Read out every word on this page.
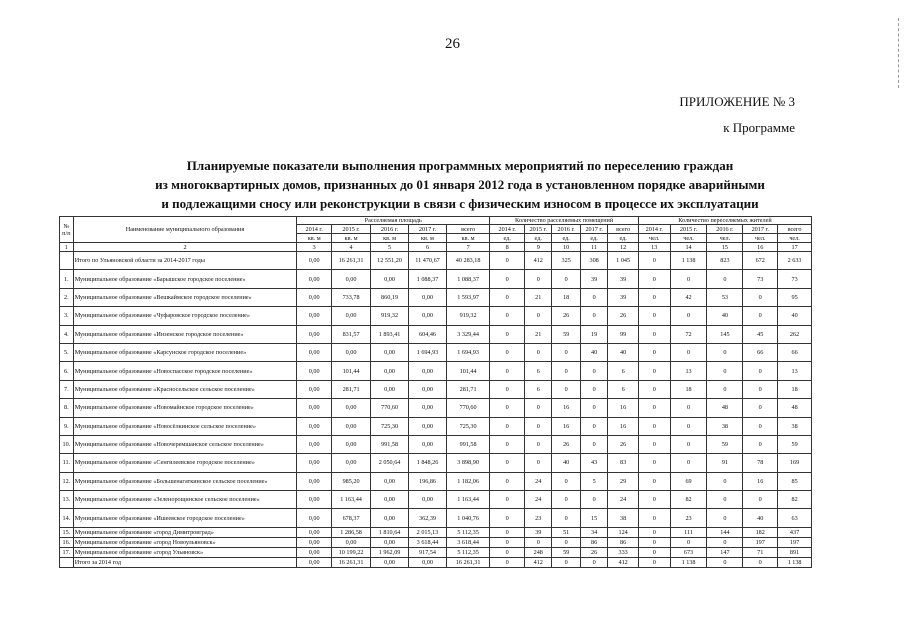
26
ПРИЛОЖЕНИЕ № 3
к Программе
Планируемые показатели выполнения программных мероприятий по переселению граждан
из многоквартирных домов, признанных до 01 января 2012 года в установленном порядке аварийными
и подлежащими сносу или реконструкции в связи с физическим износом в процессе их эксплуатации
№ п/п	Наименование муниципального образования	Расселяемая площадь					Количество расселяемых помещений					Количество переселяемых жителей				
		2014 г.	2015 г.	2016 г.	2017 г.	всего	2014 г.	2015 г.	2016 г.	2017 г.	всего	2014 г.	2015 г.	2016 г.	2017 г.	всего
		кв. м	кв. м	кв. м	кв. м	кв. м	ед.	ед.	ед.	ед.	ед.	чел.	чел.	чел.	чел.	чел.
1	2	3	4	5	6	7	8	9	10	11	12	13	14	15	16	17
	Итого по Ульяновской области за 2014-2017 годы	0,00	16 261,31	12 551,20	11 470,67	40 283,18	0	412	325	308	1 045	0	1 138	823	672	2 633
1.	Муниципальное образование «Барышское городское поселение»	0,00	0,00	0,00	1 088,37	1 088,37	0	0	0	39	39	0	0	0	73	73
2.	Муниципальное образование «Вешкаймское городское поселение»	0,00	733,78	860,19	0,00	1 593,97	0	21	18	0	39	0	42	53	0	95
3.	Муниципальное образование «Чуфаровское городское поселение»	0,00	0,00	919,32	0,00	919,32	0	0	26	0	26	0	0	40	0	40
4.	Муниципальное образование «Инзенское городское поселение»	0,00	831,57	1 893,41	604,46	3 329,44	0	21	59	19	99	0	72	145	45	262
5.	Муниципальное образование «Карсунское городское поселение»	0,00	0,00	0,00	1 694,93	1 694,93	0	0	0	40	40	0	0	0	66	66
6.	Муниципальное образование «Новоспасское городское поселение»	0,00	101,44	0,00	0,00	101,44	0	6	0	0	6	0	13	0	0	13
7.	Муниципальное образование «Красносельское сельское поселение»	0,00	281,71	0,00	0,00	281,71	0	6	0	0	6	0	18	0	0	18
8.	Муниципальное образование «Новомайнское городское поселение»	0,00	0,00	770,60	0,00	770,60	0	0	16	0	16	0	0	48	0	48
9.	Муниципальное образование «Новосёлкинское сельское поселение»	0,00	0,00	725,30	0,00	725,30	0	0	16	0	16	0	0	38	0	38
10.	Муниципальное образование «Новочеремшанское сельское поселение»	0,00	0,00	991,58	0,00	991,58	0	0	26	0	26	0	0	59	0	59
11.	Муниципальное образование «Сенгилеевское городское поселение»	0,00	0,00	2 050,64	1 848,26	3 898,90	0	0	40	43	83	0	0	91	78	169
12.	Муниципальное образование «Большенагаткинское сельское поселение»	0,00	985,20	0,00	196,86	1 182,06	0	24	0	5	29	0	69	0	16	85
13.	Муниципальное образование «Зеленорощинское сельское поселение»	0,00	1 163,44	0,00	0,00	1 163,44	0	24	0	0	24	0	82	0	0	82
14.	Муниципальное образование «Ишеевское городское поселение»	0,00	678,37	0,00	362,39	1 040,76	0	23	0	15	38	0	23	0	40	63
15.	Муниципальное образование «город Димитровград»	0,00	1 286,58	1 810,64	2 015,13	5 112,35	0	39	51	34	124	0	111	144	182	437
16.	Муниципальное образование «город Новоульяновск»	0,00	0,00	0,00	3 618,44	3 618,44	0	0	0	86	86	0	0	0	197	197
17.	Муниципальное образование «город Ульяновск»	0,00	10 199,22	1 962,09	917,54	5 112,35	0	248	59	26	333	0	673	147	71	891
	Итого за 2014 год	0,00	16 261,31	0,00	0,00	16 261,31	0	412	0	0	412	0	1 138	0	0	1 138
